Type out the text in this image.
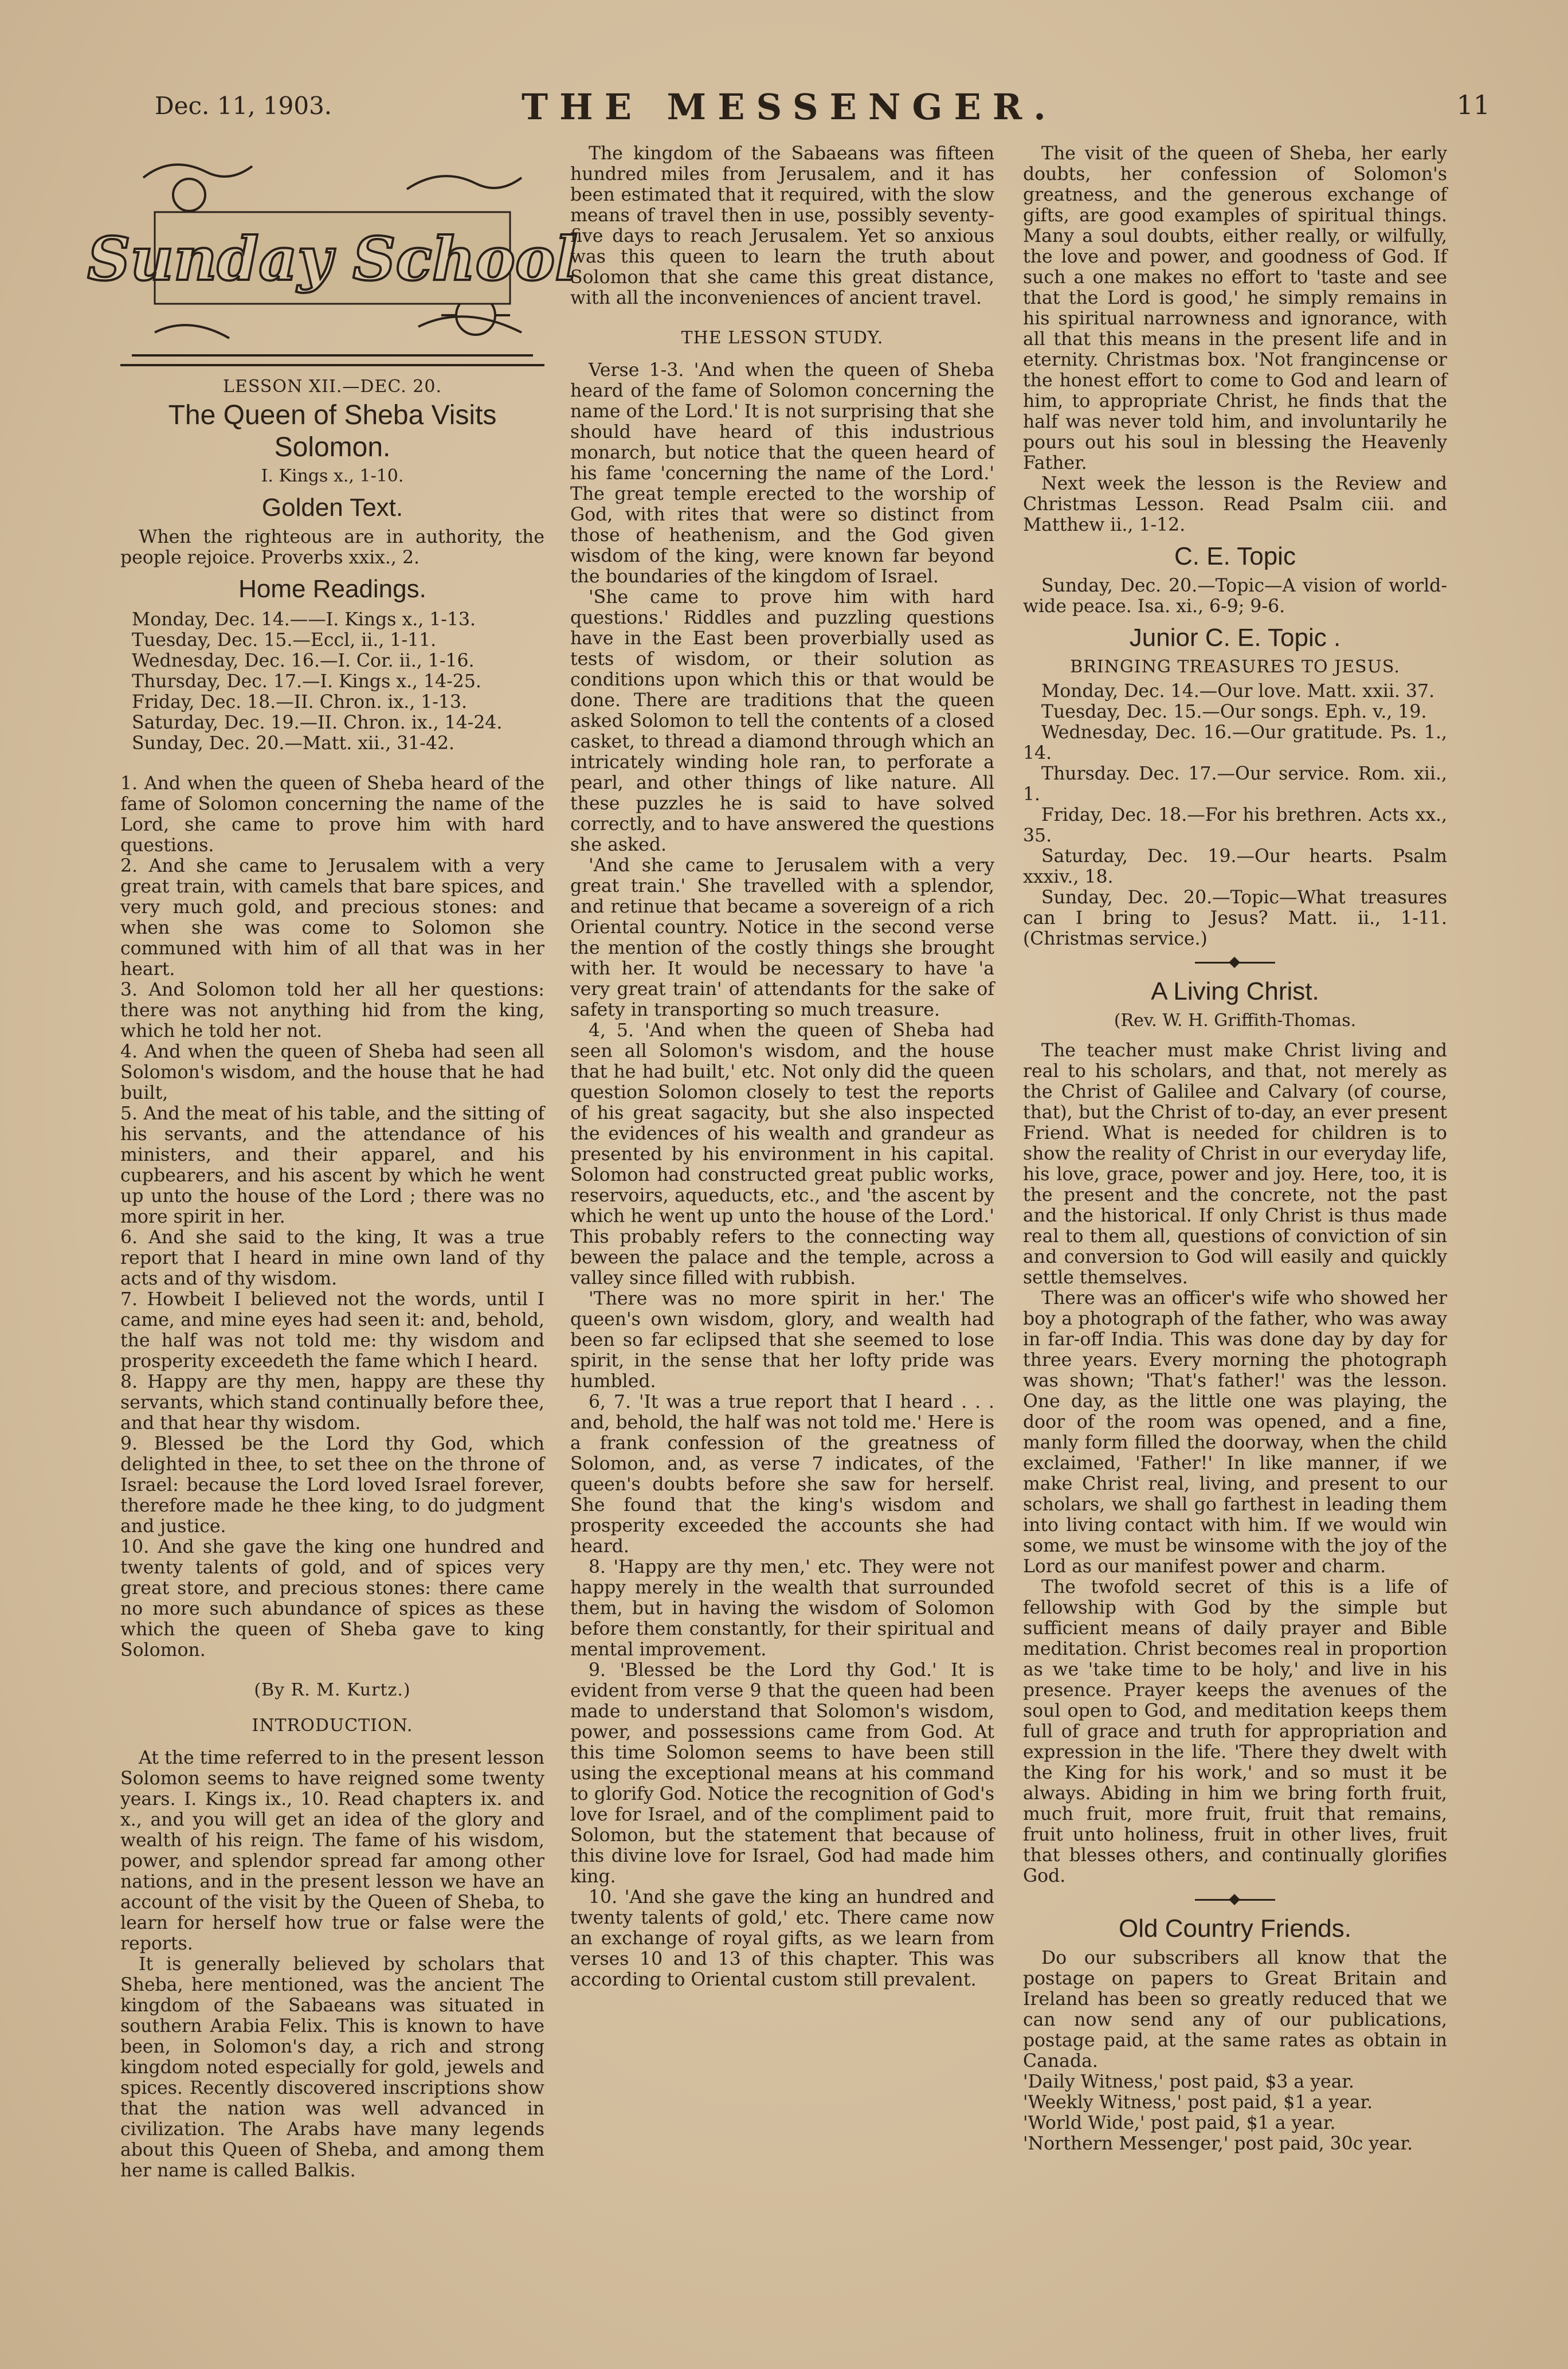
Dec. 11, 1903.	THE MESSENGER.	11
Sunday School
LESSON XII.—DEC. 20.
The Queen of Sheba Visits Solomon.
I. Kings x., 1-10.
Golden Text.

When the righteous are in authority, the people rejoice. Proverbs xxix., 2.

Home Readings.
Monday, Dec. 14.——I. Kings x., 1-13.
Tuesday, Dec. 15.—Eccl, ii., 1-11.
Wednesday, Dec. 16.—I. Cor. ii., 1-16.
Thursday, Dec. 17.—I. Kings x., 14-25.
Friday, Dec. 18.—II. Chron. ix., 1-13.
Saturday, Dec. 19.—II. Chron. ix., 14-24.
Sunday, Dec. 20.—Matt. xii., 31-42.

1. And when the queen of Sheba heard of the fame of Solomon concerning the name of the Lord, she came to prove him with hard questions.

2. And she came to Jerusalem with a very great train, with camels that bare spices, and very much gold, and precious stones: and when she was come to Solomon she communed with him of all that was in her heart.

3. And Solomon told her all her questions: there was not anything hid from the king, which he told her not.

4. And when the queen of Sheba had seen all Solomon's wisdom, and the house that he had built,

5. And the meat of his table, and the sitting of his servants, and the attendance of his ministers, and their apparel, and his cupbearers, and his ascent by which he went up unto the house of the Lord ; there was no more spirit in her.

6. And she said to the king, It was a true report that I heard in mine own land of thy acts and of thy wisdom.

7. Howbeit I believed not the words, until I came, and mine eyes had seen it: and, behold, the half was not told me: thy wisdom and prosperity exceedeth the fame which I heard.

8. Happy are thy men, happy are these thy servants, which stand continually before thee, and that hear thy wisdom.

9. Blessed be the Lord thy God, which delighted in thee, to set thee on the throne of Israel: because the Lord loved Israel forever, therefore made he thee king, to do judgment and justice.

10. And she gave the king one hundred and twenty talents of gold, and of spices very great store, and precious stones: there came no more such abundance of spices as these which the queen of Sheba gave to king Solomon.

(By R. M. Kurtz.)
INTRODUCTION.

At the time referred to in the present lesson Solomon seems to have reigned some twenty years. I. Kings ix., 10. Read chapters ix. and x., and you will get an idea of the glory and wealth of his reign. The fame of his wisdom, power, and splendor spread far among other nations, and in the present lesson we have an account of the visit by the Queen of Sheba, to learn for herself how true or false were the reports.

It is generally believed by scholars that Sheba, here mentioned, was the ancient The kingdom of the Sabaeans was situated in southern Arabia Felix. This is known to have been, in Solomon's day, a rich and strong kingdom noted especially for gold, jewels and spices. Recently discovered inscriptions show that the nation was well advanced in civilization. The Arabs have many legends about this Queen of Sheba, and among them her name is called Balkis.

The kingdom of the Sabaeans was fifteen hundred miles from Jerusalem, and it has been estimated that it required, with the slow means of travel then in use, possibly seventy-five days to reach Jerusalem. Yet so anxious was this queen to learn the truth about Solomon that she came this great distance, with all the inconveniences of ancient travel.

THE LESSON STUDY.

Verse 1-3. 'And when the queen of Sheba heard of the fame of Solomon concerning the name of the Lord.' It is not surprising that she should have heard of this industrious monarch, but notice that the queen heard of his fame 'concerning the name of the Lord.' The great temple erected to the worship of God, with rites that were so distinct from those of heathenism, and the God given wisdom of the king, were known far beyond the boundaries of the kingdom of Israel.

'She came to prove him with hard questions.' Riddles and puzzling questions have in the East been proverbially used as tests of wisdom, or their solution as conditions upon which this or that would be done. There are traditions that the queen asked Solomon to tell the contents of a closed casket, to thread a diamond through which an intricately winding hole ran, to perforate a pearl, and other things of like nature. All these puzzles he is said to have solved correctly, and to have answered the questions she asked.

'And she came to Jerusalem with a very great train.' She travelled with a splendor, and retinue that became a sovereign of a rich Oriental country. Notice in the second verse the mention of the costly things she brought with her. It would be necessary to have 'a very great train' of attendants for the sake of safety in transporting so much treasure.

4, 5. 'And when the queen of Sheba had seen all Solomon's wisdom, and the house that he had built,' etc. Not only did the queen question Solomon closely to test the reports of his great sagacity, but she also inspected the evidences of his wealth and grandeur as presented by his environment in his capital. Solomon had constructed great public works, reservoirs, aqueducts, etc., and 'the ascent by which he went up unto the house of the Lord.' This probably refers to the connecting way beween the palace and the temple, across a valley since filled with rubbish.

'There was no more spirit in her.' The queen's own wisdom, glory, and wealth had been so far eclipsed that she seemed to lose spirit, in the sense that her lofty pride was humbled.

6, 7. 'It was a true report that I heard . . . and, behold, the half was not told me.' Here is a frank confession of the greatness of Solomon, and, as verse 7 indicates, of the queen's doubts before she saw for herself. She found that the king's wisdom and prosperity exceeded the accounts she had heard.

8. 'Happy are thy men,' etc. They were not happy merely in the wealth that surrounded them, but in having the wisdom of Solomon before them constantly, for their spiritual and mental improvement.

9. 'Blessed be the Lord thy God.' It is evident from verse 9 that the queen had been made to understand that Solomon's wisdom, power, and possessions came from God. At this time Solomon seems to have been still using the exceptional means at his command to glorify God. Notice the recognition of God's love for Israel, and of the compliment paid to Solomon, but the statement that because of this divine love for Israel, God had made him king.

10. 'And she gave the king an hundred and twenty talents of gold,' etc. There came now an exchange of royal gifts, as we learn from verses 10 and 13 of this chapter. This was according to Oriental custom still prevalent.

The visit of the queen of Sheba, her early doubts, her confession of Solomon's greatness, and the generous exchange of gifts, are good examples of spiritual things. Many a soul doubts, either really, or wilfully, the love and power, and goodness of God. If such a one makes no effort to 'taste and see that the Lord is good,' he simply remains in his spiritual narrowness and ignorance, with all that this means in the present life and in eternity. Christmas box. 'Not frangincense or the honest effort to come to God and learn of him, to appropriate Christ, he finds that the half was never told him, and involuntarily he pours out his soul in blessing the Heavenly Father.

Next week the lesson is the Review and Christmas Lesson. Read Psalm ciii. and Matthew ii., 1-12.

C. E. Topic

Sunday, Dec. 20.—Topic—A vision of world-wide peace. Isa. xi., 6-9; 9-6.

Junior C. E. Topic .
BRINGING TREASURES TO JESUS.
Monday, Dec. 14.—Our love. Matt. xxii. 37.
Tuesday, Dec. 15.—Our songs. Eph. v., 19.
Wednesday, Dec. 16.—Our gratitude. Ps. 1., 14.
Thursday. Dec. 17.—Our service. Rom. xii., 1.
Friday, Dec. 18.—For his brethren. Acts xx., 35.
Saturday, Dec. 19.—Our hearts. Psalm xxxiv., 18.
Sunday, Dec. 20.—Topic—What treasures can I bring to Jesus? Matt. ii., 1-11. (Christmas service.)
A Living Christ.
(Rev. W. H. Griffith-Thomas.

The teacher must make Christ living and real to his scholars, and that, not merely as the Christ of Galilee and Calvary (of course, that), but the Christ of to-day, an ever present Friend. What is needed for children is to show the reality of Christ in our everyday life, his love, grace, power and joy. Here, too, it is the present and the concrete, not the past and the historical. If only Christ is thus made real to them all, questions of conviction of sin and conversion to God will easily and quickly settle themselves.

There was an officer's wife who showed her boy a photograph of the father, who was away in far-off India. This was done day by day for three years. Every morning the photograph was shown; 'That's father!' was the lesson. One day, as the little one was playing, the door of the room was opened, and a fine, manly form filled the doorway, when the child exclaimed, 'Father!' In like manner, if we make Christ real, living, and present to our scholars, we shall go farthest in leading them into living contact with him. If we would win some, we must be winsome with the joy of the Lord as our manifest power and charm.

The twofold secret of this is a life of fellowship with God by the simple but sufficient means of daily prayer and Bible meditation. Christ becomes real in proportion as we 'take time to be holy,' and live in his presence. Prayer keeps the avenues of the soul open to God, and meditation keeps them full of grace and truth for appropriation and expression in the life. 'There they dwelt with the King for his work,' and so must it be always. Abiding in him we bring forth fruit, much fruit, more fruit, fruit that remains, fruit unto holiness, fruit in other lives, fruit that blesses others, and continually glorifies God.

Old Country Friends.

Do our subscribers all know that the postage on papers to Great Britain and Ireland has been so greatly reduced that we can now send any of our publications, postage paid, at the same rates as obtain in Canada.

'Daily Witness,' post paid, $3 a year.

'Weekly Witness,' post paid, $1 a year.

'World Wide,' post paid, $1 a year.

'Northern Messenger,' post paid, 30c year.
